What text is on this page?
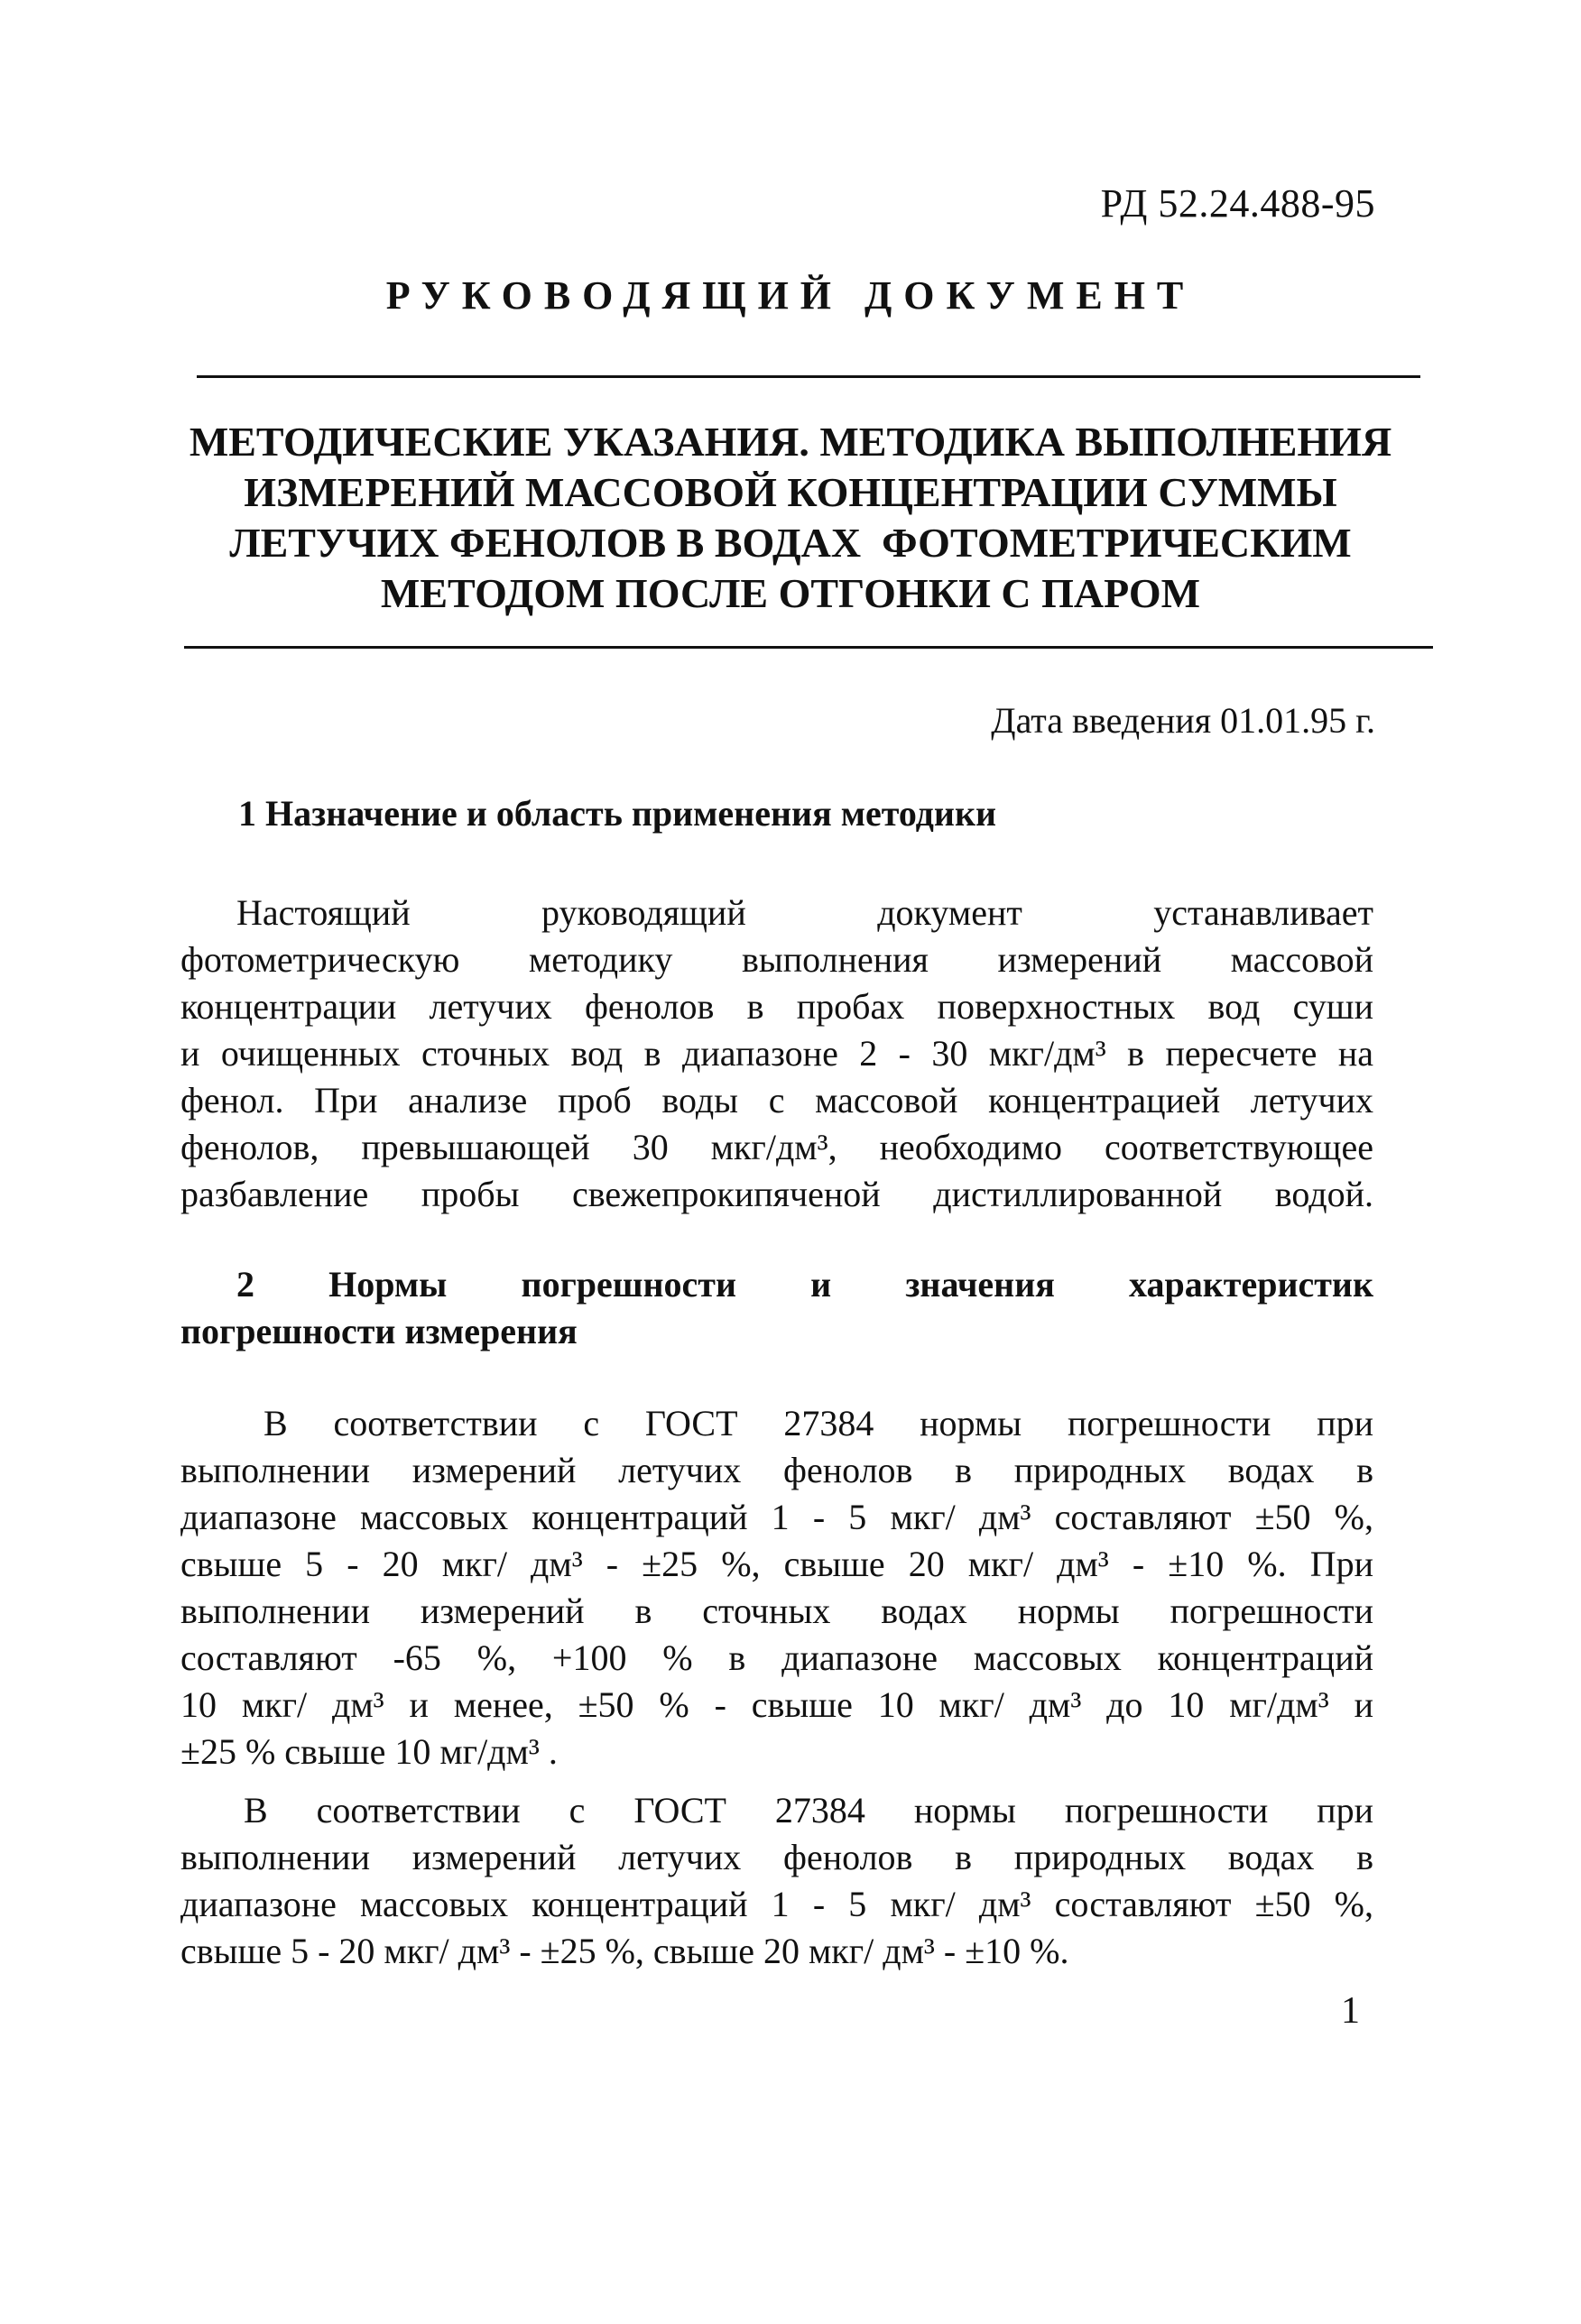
РД 52.24.488-95
РУКОВОДЯЩИЙ ДОКУМЕНТ
МЕТОДИЧЕСКИЕ УКАЗАНИЯ. МЕТОДИКА ВЫПОЛНЕНИЯ
ИЗМЕРЕНИЙ МАССОВОЙ КОНЦЕНТРАЦИИ СУММЫ
ЛЕТУЧИХ ФЕНОЛОВ В ВОДАХ  ФОТОМЕТРИЧЕСКИМ
МЕТОДОМ ПОСЛЕ ОТГОНКИ С ПАРОМ
Дата введения 01.01.95 г.
1 Назначение и область применения методики
Настоящий руководящий документ устанавливает
фотометрическую методику выполнения измерений массовой
концентрации летучих фенолов в пробах поверхностных вод суши
и очищенных сточных вод в диапазоне 2 - 30 мкг/дм³ в пересчете на
фенол. При анализе проб воды с массовой концентрацией летучих
фенолов, превышающей 30 мкг/дм³, необходимо соответствующее
разбавление пробы свежепрокипяченой дистиллированной водой.
2 Нормы погрешности и значения характеристик
погрешности измерения
В соответствии с ГОСТ 27384 нормы погрешности при
выполнении измерений летучих фенолов в природных водах в
диапазоне массовых концентраций 1 - 5 мкг/ дм³ составляют ±50 %,
свыше 5 - 20 мкг/ дм³ - ±25 %, свыше 20 мкг/ дм³ - ±10 %. При
выполнении измерений в сточных водах нормы погрешности
составляют -65 %, +100 % в диапазоне массовых концентраций
10 мкг/ дм³ и менее, ±50 % - свыше 10 мкг/ дм³ до 10 мг/дм³ и
±25 % свыше 10 мг/дм³ .
В соответствии с ГОСТ 27384 нормы погрешности при
выполнении измерений летучих фенолов в природных водах в
диапазоне массовых концентраций 1 - 5 мкг/ дм³ составляют ±50 %,
свыше 5 - 20 мкг/ дм³ - ±25 %, свыше 20 мкг/ дм³ - ±10 %.
1
